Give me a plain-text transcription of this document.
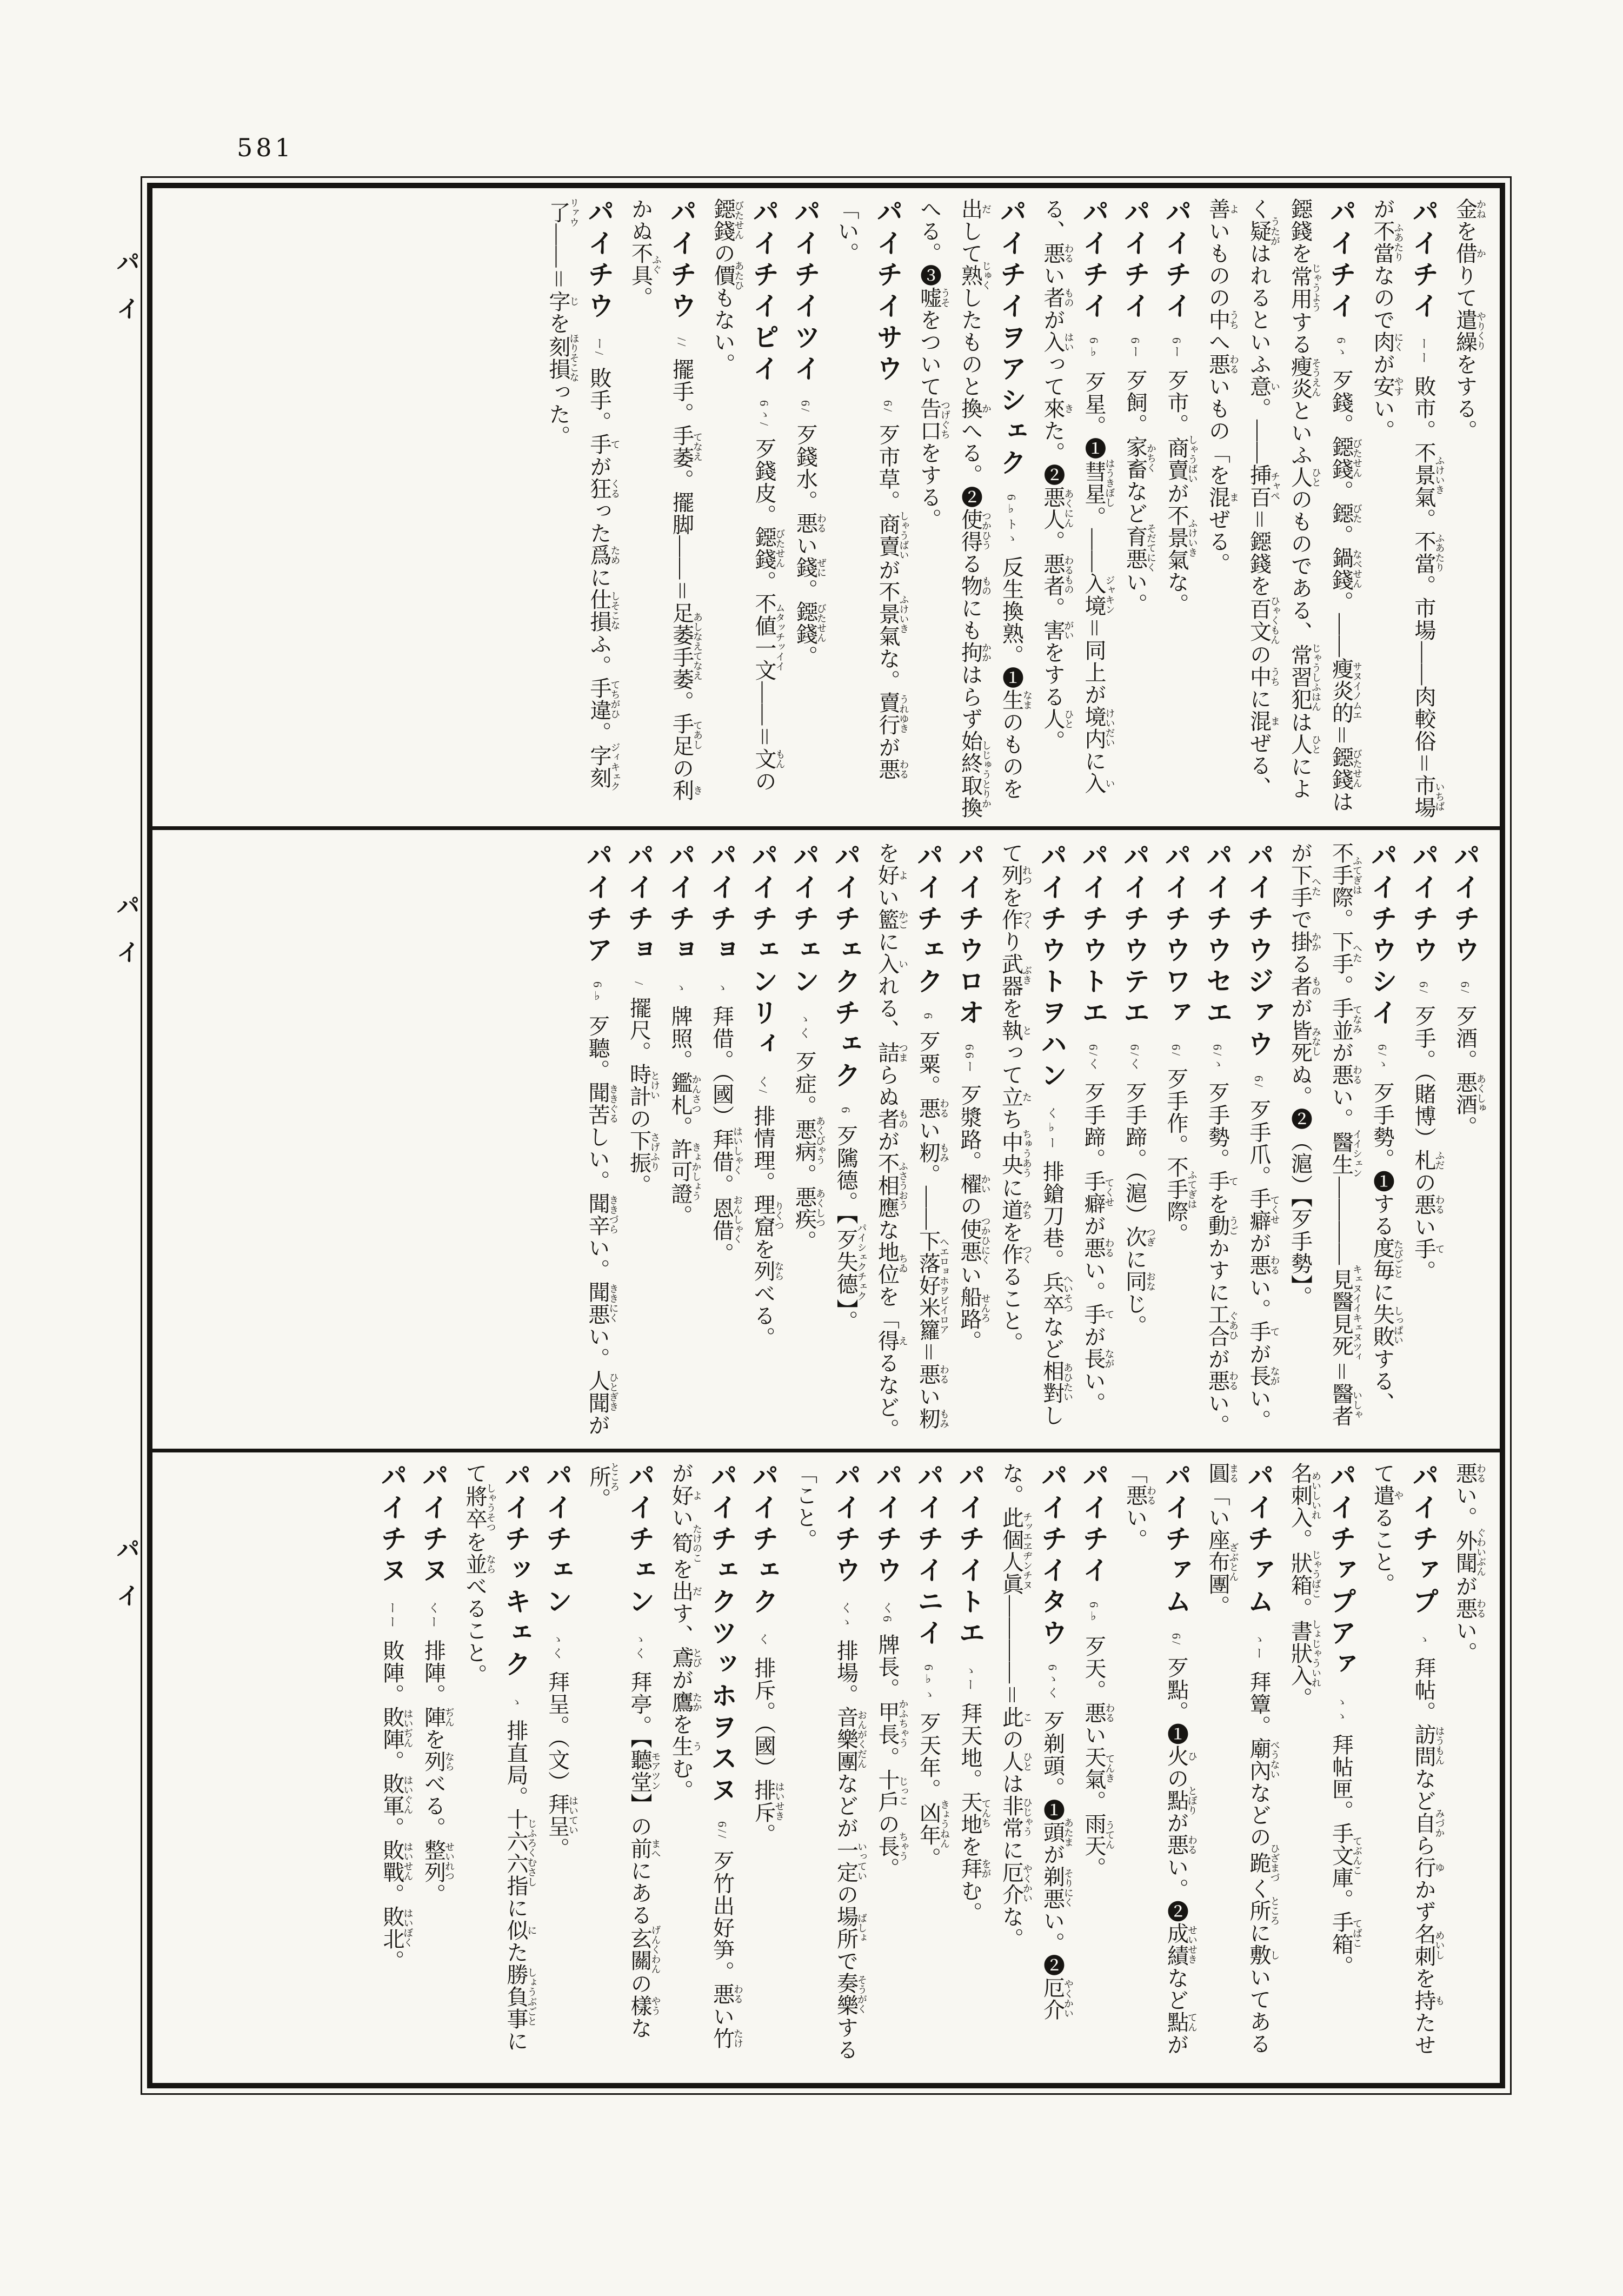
581
パイ
パイ
パイ
金かねを借かりて遣繰やりくりをする。
パイチイーー敗市。不景氣ふけいき。不當ふあたり。市場――肉較俗＝市場いちばが不當ふあたりなので肉にくが安やすい。
パイチイ6ゝ歹錢。鐚錢びたせん。鐚びた。鍋錢なべせん。――瘦炎的サヌイノムエ＝鐚錢びたせんは鐚錢を常用じゃうようする瘦炎そうえんといふ人ひとのものである、常習犯じゃうしふはんは人ひとによく疑うたがはれるといふ意い。――挿百チャペ＝鐚錢を百文ひゃくもんの中うちに混まぜる、善よいものの中うちへ悪わるいもの「を混まぜる。
パイチイ6ー歹市。商賣しゃうばいが不景氣ふけいきな。
パイチイ6ー歹飼。家畜かちくなど育悪そだてにくい。
パイチイ6♭歹星。❶彗星はうきぼし。――入境ジャキン＝同上が境内けいだいに入いる、悪わるい者ものが入はいって來きた。❷悪人あくにん。悪者わるもの。害がいをする人ひと。
パイチイヲアシェク6♭トゝ反生換熟。❶生なまのものを出だして熟じゅくしたものと換かへる。❷使得つかひうる物ものにも拘かかはらず始終取換しじゅうとりかへる。❸嘘うそをついて告口つげぐちをする。
パイチイサウ6/歹市草。商賣しゃうばいが不景氣ふけいきな。賣行うれゆきが悪わる「い。
パイチイツイ6/歹錢水。悪わるい錢ぜに。鐚錢びたせん。
パイチイピイ6ゝ/歹錢皮。鐚錢びたせん。不値一文ムタッチッイイ――＝文もんの鐚錢びたせんの價あたひもない。
パイチウ//擺手。手萎てなえ。擺脚――＝足萎手萎あしなえてなえ。手足てあしの利きかぬ不具ふぐ。
パイチウー/敗手。手てが狂くるった爲ために仕損しそこなふ。手違てちがひ。字刻ジィキェク了リァウ――＝字じを刻損ほりそこなった。
パイチウ6/歹酒。悪酒あくしゅ。
パイチウ6/歹手。（賭博）札ふだの悪わるい手て。
パイチウシイ6/ゝ歹手勢。❶する度毎たびごとに失敗しっぱいする、不手際ふてぎは。下手へた。手並てなみが悪わるい。醫生イイシェン――――見醫見死キェヌイイキェヌツィ＝醫者いしゃが下手へたで掛かかる者ものが皆死みなしぬ。❷（滬）【歹手勢】。
パイチウジァウ6/歹手爪。手癖てくせが悪わるい。手てが長ながい。
パイチウセエ6/ゝ歹手勢。手てを動うごかすに工合ぐあひが悪わるい。
パイチウワァ6/歹手作。不手際ふてぎは。
パイチウテエ6/く歹手蹄。（滬）次つぎに同おなじ。
パイチウトエ6/く歹手蹄。手癖てくせが悪わるい。手てが長ながい。
パイチウトヲハンく♭ー排鎗刀巷。兵卒へいそつなど相對あひたいして列れつを作つくり武器ぶきを執とって立たち中央ちゅうあうに道みちを作つくること。
パイチウロオ66ー歹漿路。櫂かいの使悪つかひにくい船路せんろ。
パイチェク6歹粟。悪わるい籾もみ。――下落好米籮ヘエロョホヲビイロア＝悪わるい籾もみを好よい籃かごに入いれる、詰つまらぬ者ものが不相應ふさうおうな地位ちゐを「得えるなど。
パイチェクチェク6歹隲德。【歹失德パイシェクチェク】。
パイチェンゝく歹症。悪病あくびゃう。悪疾あくしつ。
パイチェンリィく/排情理。理窟りくつを列ならべる。
パイチョゝ拜借。（國）拜借はいしゃく。恩借おんしゃく。
パイチョゝ牌照。鑑札かんさつ。許可證きょかしょう。
パイチョ/擺尺。時計とけいの下振さげふり。
パイチア6♭歹聽。聞苦ききぐるしい。聞辛ききづらい。聞悪ききにくい。人聞ひとぎきが
悪わるい。外聞ぐわいぶんが悪わるい。
パイチァプゝ拜帖。訪問はうもんなど自みづから行ゆかず名刺めいしを持もたせて遣やること。
パイチァプアァゝゝ拜帖匣。手文庫てぶんこ。手箱てばこ。名刺入めいしいれ。狀箱じゃうばこ。書狀入しょじゃういれ。
パイチァムゝー拜簟。廟內べうないなどの跪ひざまづく所ところに敷しいてある圓まる「い座布團ざぶとん。
パイチァム6/歹點。❶火ひの點とぼりが悪わるい。❷成績せいせきなど點てんが「悪わるい。
パイチイ6♭歹天。悪わるい天氣てんき。雨天うてん。
パイチイタウ6ゝく歹剃頭。❶頭あたまが剃悪そりにくい。❷厄介やくかいな。此個人眞チッエヱヂンチヌ――――＝此この人ひとは非常ひじゃうに厄介やくかいな。
パイチイトエゝー拜天地。天地てんちを拜をがむ。
パイチイニイ6♭ゝ歹天年。凶年きょうねん。
パイチウく6牌長。甲長かふちゃう。十戶じっこの長ちゃう。
パイチウくゝ排場。音樂團おんがくだんなどが一定いっていの場所ばしょで奏樂そうがくする「こと。
パイチェクく排斥。（國）排斥はいせき。
パイチェクツッホヲスヌ6//歹竹出好笋。悪わるい竹たけが好よい筍たけのこを出だす、鳶とびが鷹たかを生うむ。
パイチェンゝく拜亭。【聽堂モアツン】の前まへにある玄關げんくわんの樣やうな所ところ。
パイチェンゝく拜呈。（文）拜呈はいてい。
パイチッキェクゝ排直局。十六六指じふろくむさしに似にた勝負事しょうぶごとにて將卒しゃうそつを並ならべること。
パイチヌくー排陣。陣ぢんを列ならべる。整列せいれつ。
パイチヌーー敗陣。敗陣はいぢん。敗軍はいぐん。敗戰はいせん。敗北はいぼく。
